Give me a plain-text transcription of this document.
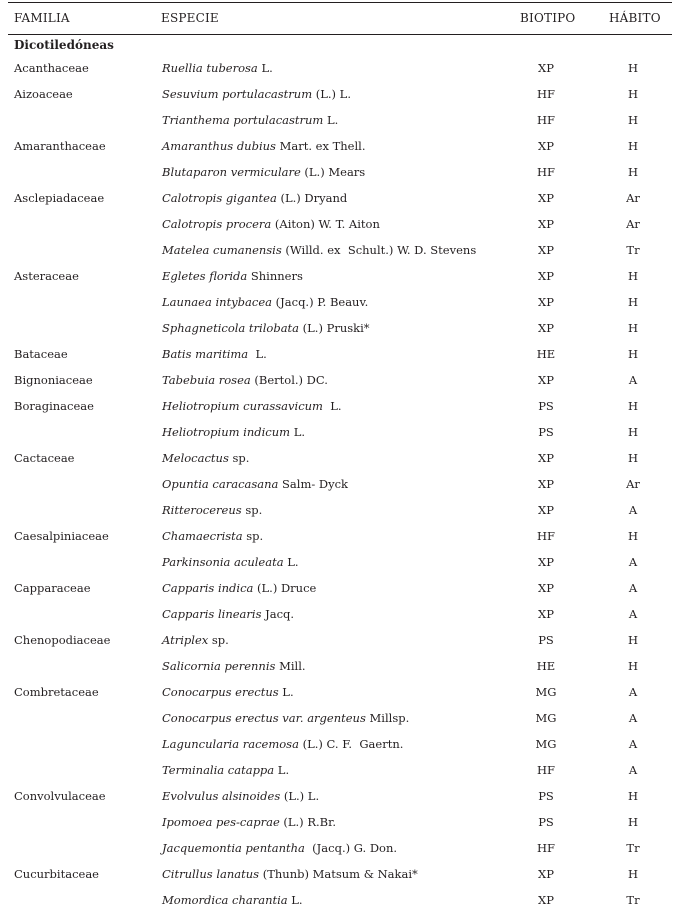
FAMILIA	ESPECIE	BIOTIPO	HÁBITO
Dicotiledóneas
Acanthaceae	Ruellia tuberosa L.	XP	H
Aizoaceae	Sesuvium portulacastrum (L.) L.	HF	H
Trianthema portulacastrum L.	HF	H
Amaranthaceae	Amaranthus dubius Mart. ex Thell.	XP	H
Blutaparon vermiculare (L.) Mears	HF	H
Asclepiadaceae	Calotropis gigantea (L.) Dryand	XP	Ar
Calotropis procera (Aiton) W. T. Aiton	XP	Ar
Matelea cumanensis (Willd. ex  Schult.) W. D. Stevens	XP	Tr
Asteraceae	Egletes florida Shinners	XP	H
Launaea intybacea (Jacq.) P. Beauv.	XP	H
Sphagneticola trilobata (L.) Pruski*	XP	H
Bataceae	Batis maritima  L.	HE	H
Bignoniaceae	Tabebuia rosea (Bertol.) DC.	XP	A
Boraginaceae	Heliotropium curassavicum  L.	PS	H
Heliotropium indicum L.	PS	H
Cactaceae	Melocactus sp.	XP	H
Opuntia caracasana Salm- Dyck	XP	Ar
Ritterocereus sp.	XP	A
Caesalpiniaceae	Chamaecrista sp.	HF	H
Parkinsonia aculeata L.	XP	A
Capparaceae	Capparis indica (L.) Druce	XP	A
Capparis linearis Jacq.	XP	A
Chenopodiaceae	Atriplex sp.	PS	H
Salicornia perennis Mill.	HE	H
Combretaceae	Conocarpus erectus L.	MG	A
Conocarpus erectus var. argenteus Millsp.	MG	A
Laguncularia racemosa (L.) C. F.  Gaertn.	MG	A
Terminalia catappa L.	HF	A
Convolvulaceae	Evolvulus alsinoides (L.) L.	PS	H
Ipomoea pes-caprae (L.) R.Br.	PS	H
Jacquemontia pentantha  (Jacq.) G. Don.	HF	Tr
Cucurbitaceae	Citrullus lanatus (Thunb) Matsum & Nakai*	XP	H
Momordica charantia L.	XP	Tr
